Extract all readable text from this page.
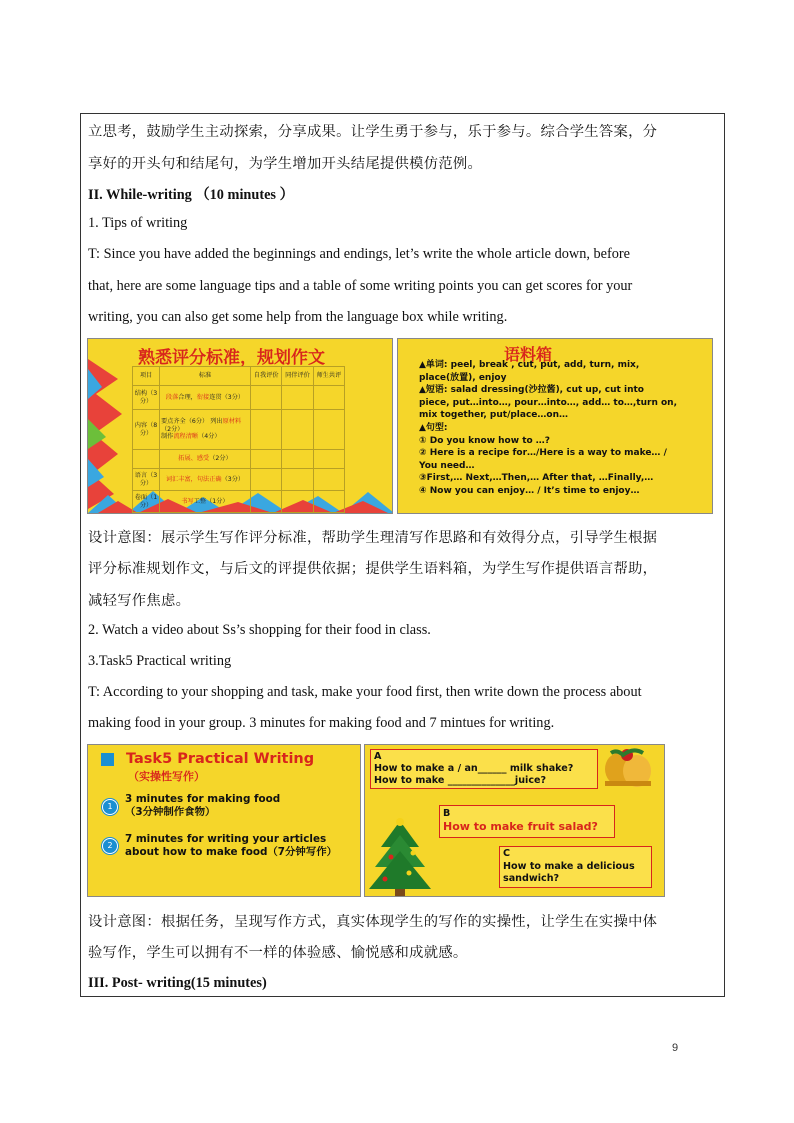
立思考，鼓励学生主动探索，分享成果。让学生勇于参与，乐于参与。综合学生答案，分
享好的开头句和结尾句，为学生增加开头结尾提供模仿范例。
II. While-writing （10 minutes ）
1. Tips of writing
T: Since you have added the beginnings and endings, let’s write the whole article down, before
that, here are some language tips and a table of some writing points you can get scores for your
writing, you can also get some help from the language box while writing.
熟悉评分标准，规划作文
项目	标准	自我评价	同伴评价	师生共评
结构（3分）	段落合理，衔接连贯（3分）			
内容（8分）	要点齐全（6分） 列出原材料（2分）
制作流程清晰（4分）			
	拓展、感受（2分）			
语言（3分）	词汇丰富，句法正确（3分）			
卷面（1分）	书写工整（1分）			
语料箱
▲单词: peel, break , cut, put, add, turn, mix,
place(放置), enjoy
▲短语: salad dressing(沙拉酱), cut up, cut into
piece, put…into…, pour…into…, add… to…,turn on,
mix together, put/place…on…
▲句型:
① Do you know how to …?
② Here is a recipe for…/Here is a way to make… /
You need…
③First,… Next,…Then,… After that, …Finally,…
④ Now you can enjoy… / It’s time to enjoy…
设计意图：展示学生写作评分标准，帮助学生理清写作思路和有效得分点，引导学生根据
评分标准规划作文，与后文的评提供依据；提供学生语料箱，为学生写作提供语言帮助，
减轻写作焦虑。
2. Watch a video about Ss’s shopping for their food in class.
3.Task5 Practical writing
T: According to your shopping and task, make your food first, then write down the process about
making food in your group. 3 minutes for making food and 7 mintues for writing.
Task5 Practical Writing
（实操性写作）
1
3 minutes for making food
（3分钟制作食物）
2
7 minutes for writing your articles
about how to make food（7分钟写作）
A
How to make a / an______ milk shake?
How to make ______________juice?
B
How to make fruit salad?
C
How to make a delicious
sandwich?
设计意图：根据任务，呈现写作方式，真实体现学生的写作的实操性，让学生在实操中体
验写作，学生可以拥有不一样的体验感、愉悦感和成就感。
III. Post- writing(15 minutes)
9
